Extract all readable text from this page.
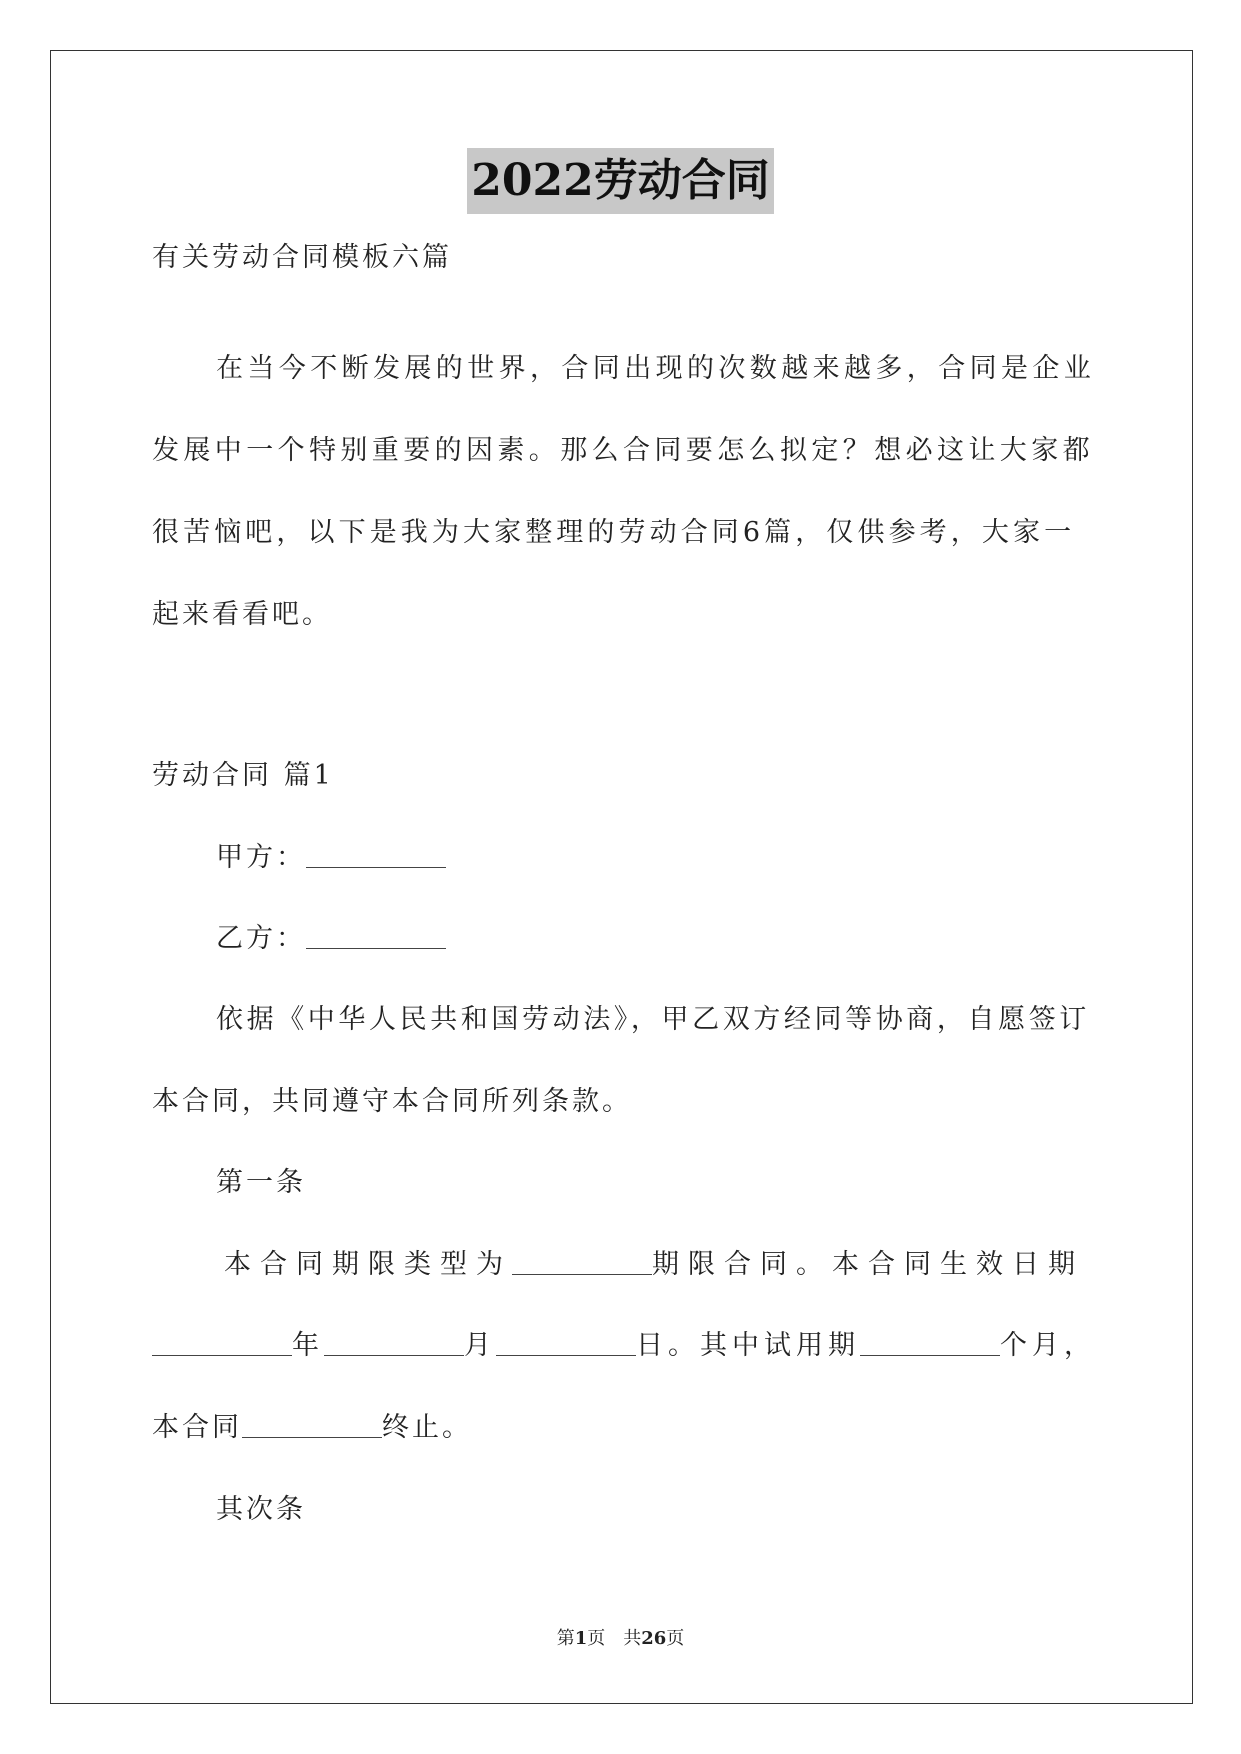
2022劳动合同
有关劳动合同模板六篇
在当今不断发展的世界，合同出现的次数越来越多，合同是企业
发展中一个特别重要的因素。那么合同要怎么拟定？想必这让大家都
很苦恼吧，以下是我为大家整理的劳动合同6篇，仅供参考，大家一
起来看看吧。
劳动合同 篇1
甲方：
乙方：
依据《中华人民共和国劳动法》，甲乙双方经同等协商，自愿签订
本合同，共同遵守本合同所列条款。
第一条
本合同期限类型为	期限合同。本合同生效日期
年	月	日。其中试用期	个月，
本合同	终止。
其次条
第1页　共26页
